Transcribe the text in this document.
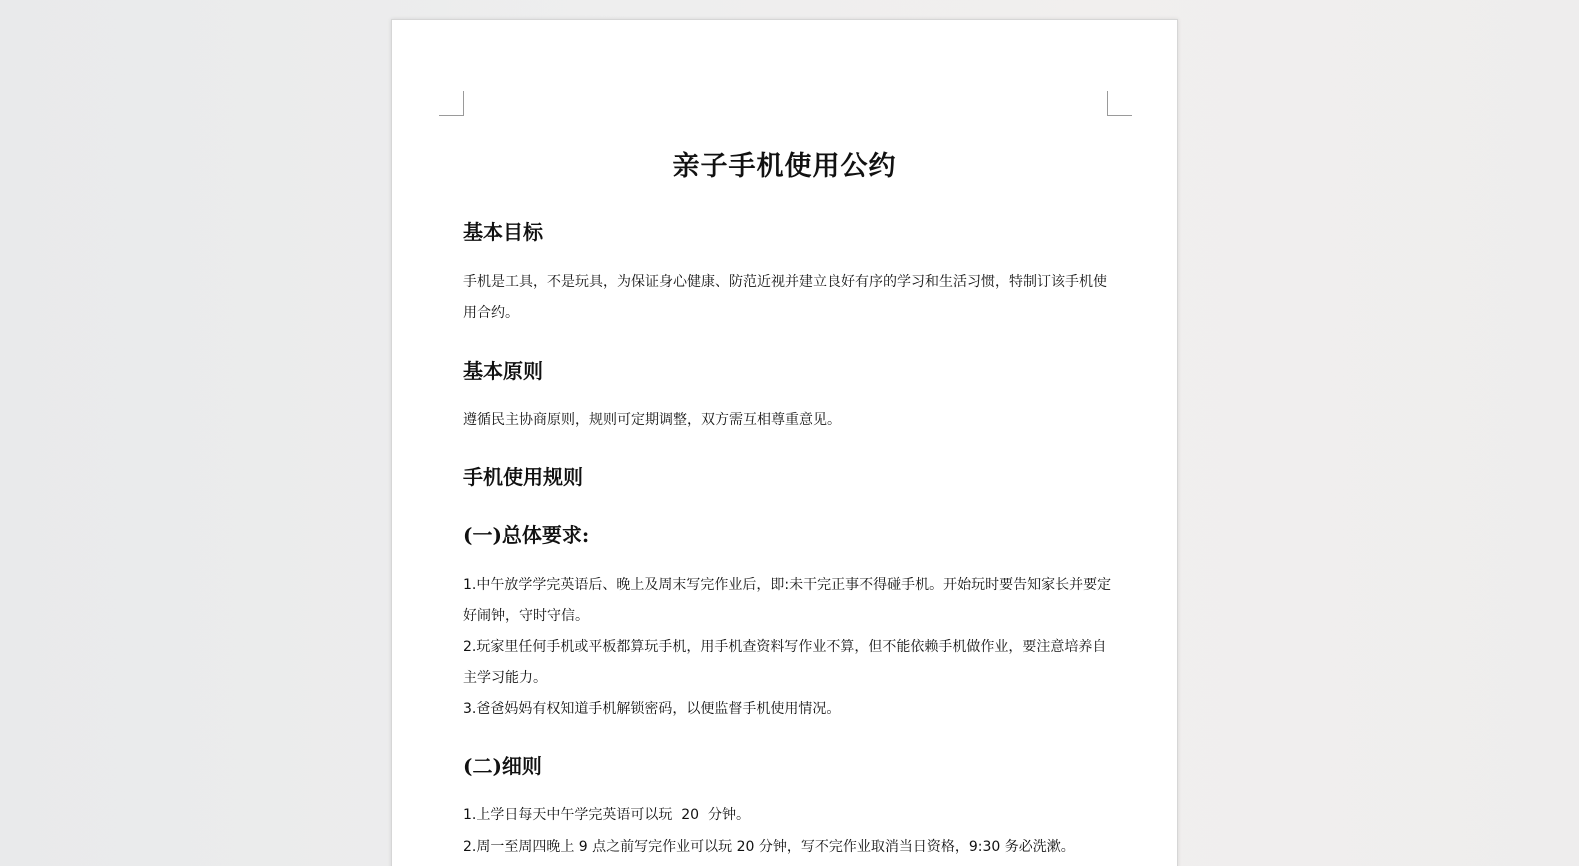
亲子手机使用公约
基本目标

手机是工具，不是玩具，为保证身心健康、防范近视并建立良好有序的学习和生活习惯，特制订该手机使用合约。

基本原则

遵循民主协商原则，规则可定期调整，双方需互相尊重意见。

手机使用规则
(一)总体要求:

1.中午放学学完英语后、晚上及周末写完作业后，即:未干完正事不得碰手机。开始玩时要告知家长并要定好闹钟，守时守信。

2.玩家里任何手机或平板都算玩手机，用手机查资料写作业不算，但不能依赖手机做作业，要注意培养自主学习能力。

3.爸爸妈妈有权知道手机解锁密码，以便监督手机使用情况。

(二)细则

1.上学日每天中午学完英语可以玩  20  分钟。

2.周一至周四晚上 9 点之前写完作业可以玩 20 分钟，写不完作业取消当日资格，9:30 务必洗漱。
